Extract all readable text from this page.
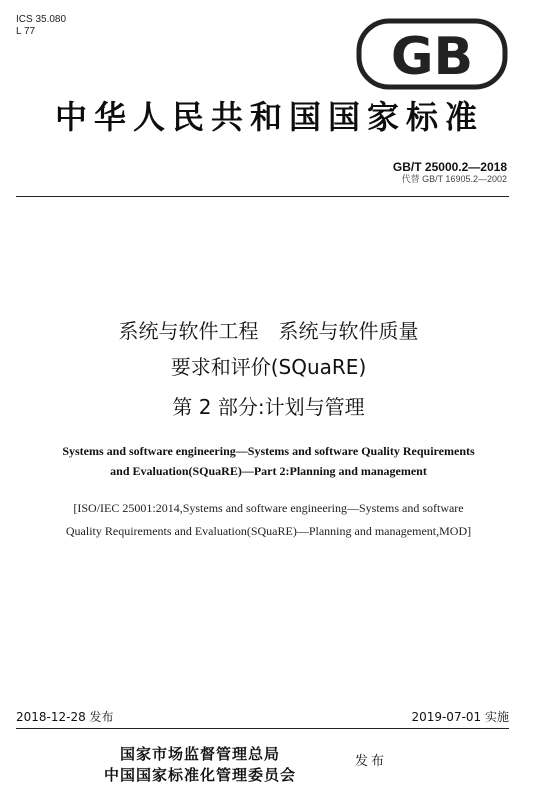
ICS 35.080
L 77	GB
中华人民共和国国家标准
GB/T 25000.2—2018
代替 GB/T 16905.2—2002
系统与软件工程　系统与软件质量
要求和评价(SQuaRE)
第 2 部分:计划与管理
Systems and software engineering—Systems and software Quality Requirements
and Evaluation(SQuaRE)—Part 2:Planning and management
[ISO/IEC 25001:2014,Systems and software engineering—Systems and software
Quality Requirements and Evaluation(SQuaRE)—Planning and management,MOD]
2018-12-28 发布	2019-07-01 实施
国家市场监督管理总局
中国国家标准化管理委员会
发布
